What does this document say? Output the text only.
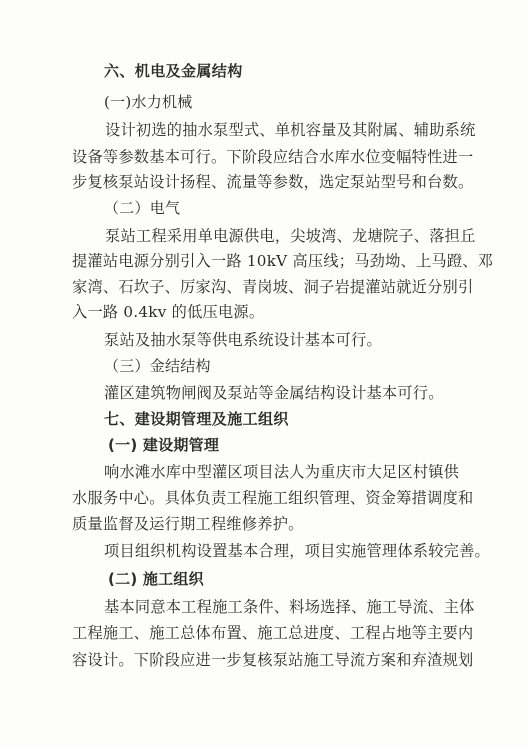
六、机电及金属结构
(一)水力机械
设计初选的抽水泵型式、单机容量及其附属、辅助系统
设备等参数基本可行。下阶段应结合水库水位变幅特性进一
步复核泵站设计扬程、流量等参数，选定泵站型号和台数。
（二）电气
泵站工程采用单电源供电，尖坡湾、龙塘院子、落担丘
提灌站电源分别引入一路 10kV 高压线；马劲坳、上马蹬、邓
家湾、石坎子、厉家沟、青岗坡、洞子岩提灌站就近分别引
入一路 0.4kv 的低压电源。
泵站及抽水泵等供电系统设计基本可行。
（三）金结结构
灌区建筑物闸阀及泵站等金属结构设计基本可行。
七、建设期管理及施工组织
(一) 建设期管理
响水滩水库中型灌区项目法人为重庆市大足区村镇供
水服务中心。具体负责工程施工组织管理、资金筹措调度和
质量监督及运行期工程维修养护。
项目组织机构设置基本合理，项目实施管理体系较完善。
(二) 施工组织
基本同意本工程施工条件、料场选择、施工导流、主体
工程施工、施工总体布置、施工总进度、工程占地等主要内
容设计。下阶段应进一步复核泵站施工导流方案和弃渣规划
